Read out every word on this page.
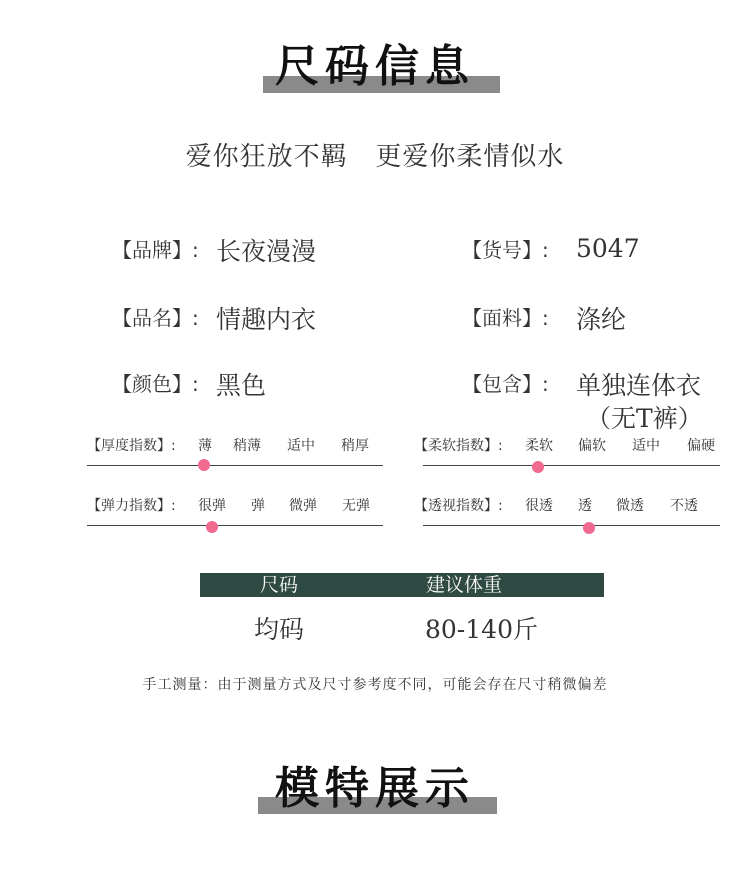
尺码信息
爱你狂放不羁   更爱你柔情似水
【品牌】: 长夜漫漫	【货号】: 5047
【品名】: 情趣内衣	【面料】: 涤纶
【颜色】: 黑色	【包含】: 单独连体衣
（无T裤）
【厚度指数】: 薄 稍薄 适中 稍厚	【柔软指数】: 柔软 偏软 适中 偏硬
【弹力指数】: 很弹 弹 微弹 无弹	【透视指数】: 很透 透 微透 不透
尺码	建议体重
均码	80-140斤
手工测量：由于测量方式及尺寸参考度不同，可能会存在尺寸稍微偏差
模特展示
